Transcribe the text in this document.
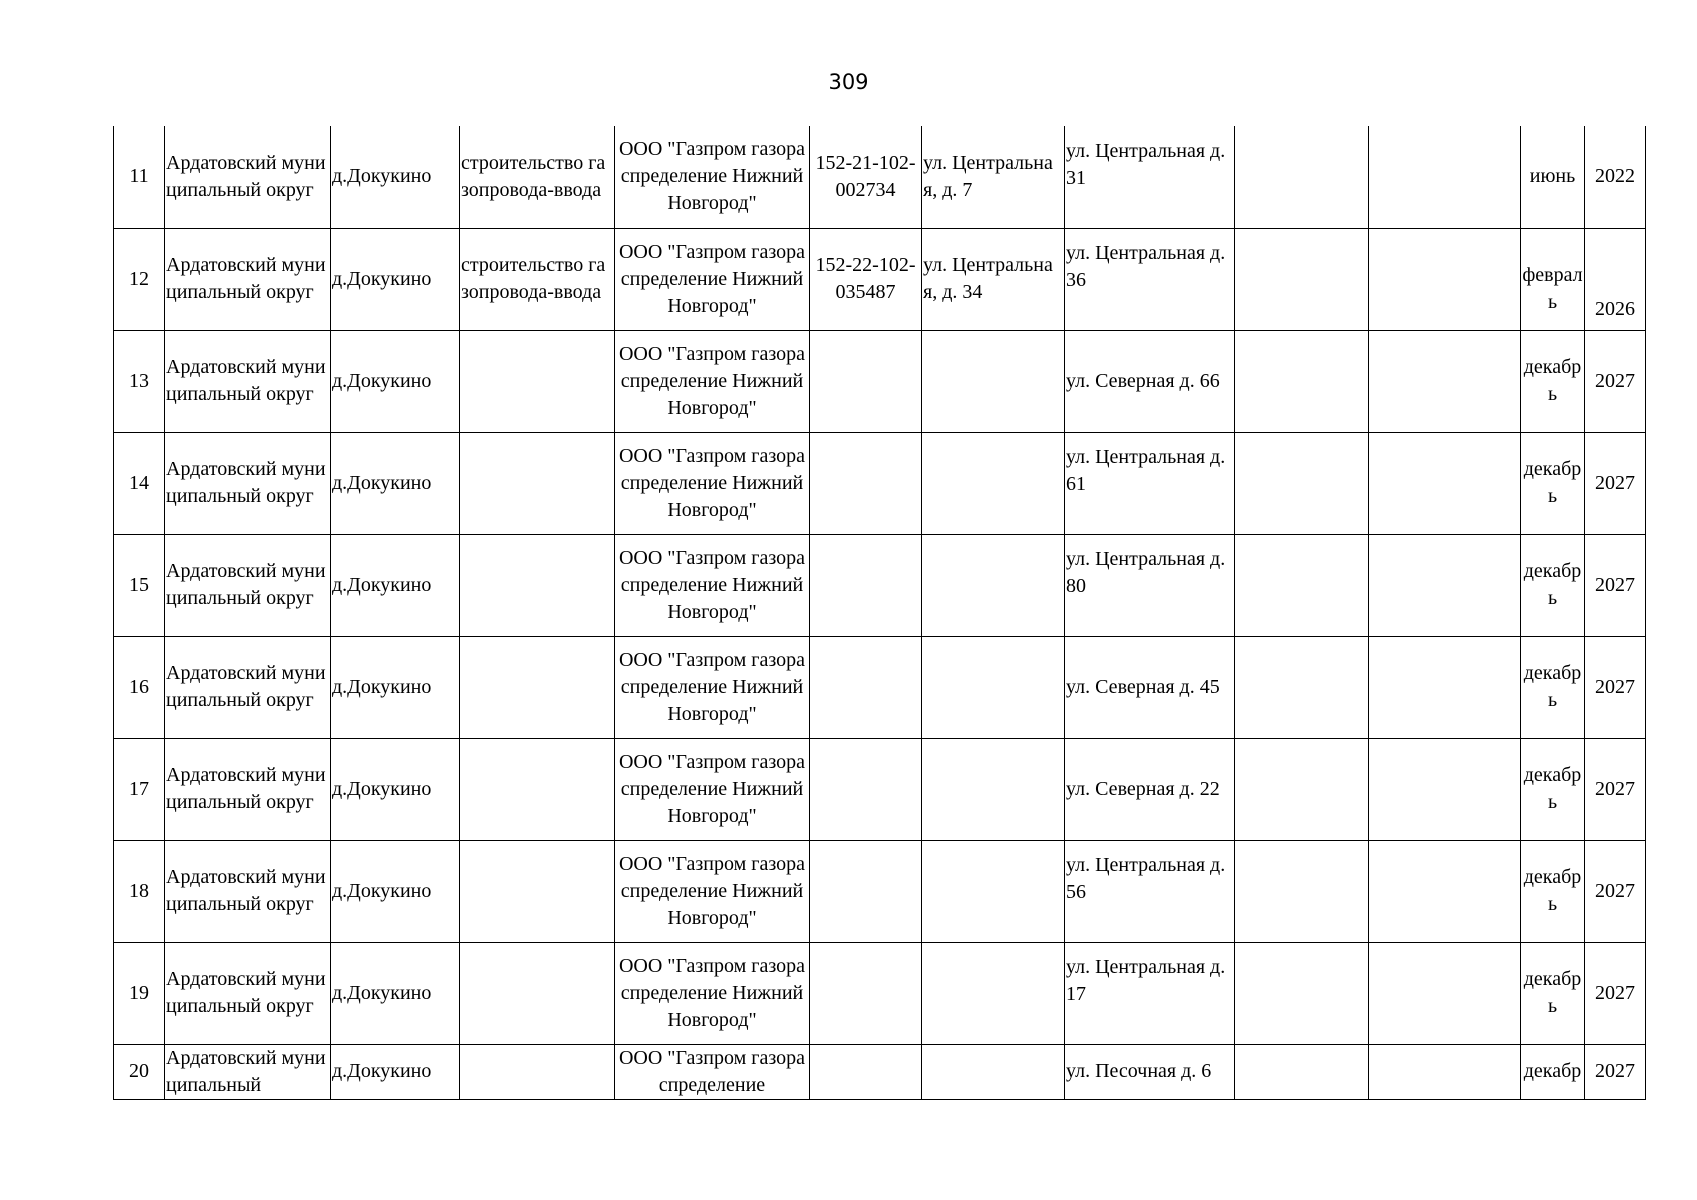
309
11	Ардатовский муниципальный округ	д.Докукино	строительство газопровода-ввода	ООО "Газпром газораспределение Нижний Новгород"	152-21-102-002734	ул. Центральная, д. 7	ул. Центральная д. 31			июнь	2022
12	Ардатовский муниципальный округ	д.Докукино	строительство газопровода-ввода	ООО "Газпром газораспределение Нижний Новгород"	152-22-102-035487	ул. Центральная, д. 34	ул. Центральная д. 36			феврал ь	2026

13	Ардатовский муниципальный округ	д.Докукино		ООО "Газпром газораспределение Нижний Новгород"			ул. Северная д. 66			декабр ь	2027
14	Ардатовский муниципальный округ	д.Докукино		ООО "Газпром газораспределение Нижний Новгород"			ул. Центральная д. 61			декабр ь	2027
15	Ардатовский муниципальный округ	д.Докукино		ООО "Газпром газораспределение Нижний Новгород"			ул. Центральная д. 80			декабр ь	2027
16	Ардатовский муниципальный округ	д.Докукино		ООО "Газпром газораспределение Нижний Новгород"			ул. Северная д. 45			декабр ь	2027
17	Ардатовский муниципальный округ	д.Докукино		ООО "Газпром газораспределение Нижний Новгород"			ул. Северная д. 22			декабр ь	2027
18	Ардатовский муниципальный округ	д.Докукино		ООО "Газпром газораспределение Нижний Новгород"			ул. Центральная д. 56			декабр ь	2027
19	Ардатовский муниципальный округ	д.Докукино		ООО "Газпром газораспределение Нижний Новгород"			ул. Центральная д. 17			декабр ь	2027
20	Ардатовский муниципальный	д.Докукино		ООО "Газпром газораспределение			ул. Песочная д. 6			декабр	2027
